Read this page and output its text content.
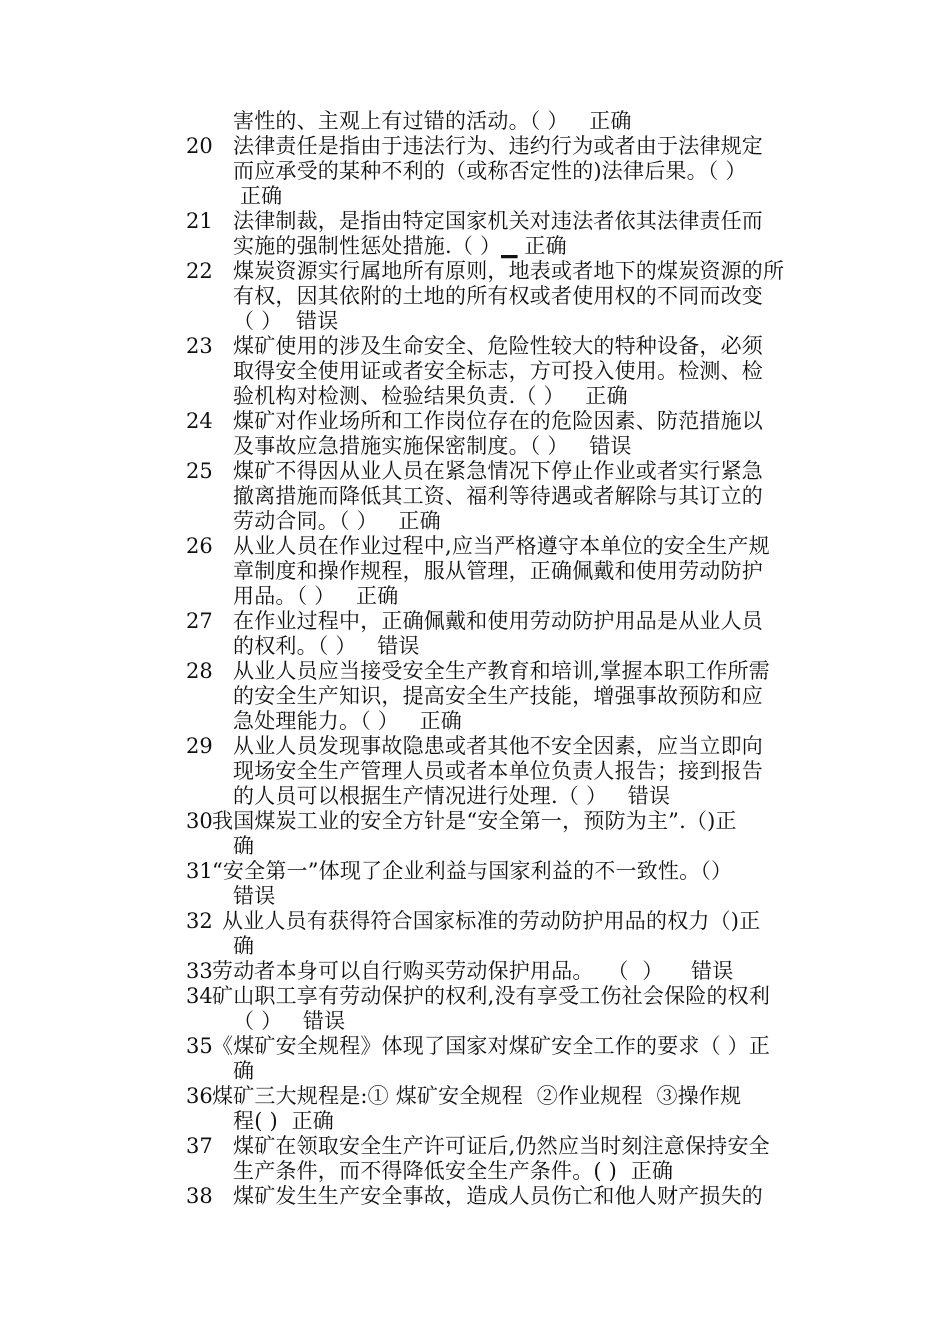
害性的、主观上有过错的活动。（ ）   正确
20 法律责任是指由于违法行为、违约行为或者由于法律规定
而应承受的某种不利的（或称否定性的)法律后果。（ ）
正确
21 法律制裁，是指由特定国家机关对违法者依其法律责任而
实施的强制性惩处措施.（ ）▁ 正确
22 煤炭资源实行属地所有原则，地表或者地下的煤炭资源的所
有权，因其依附的土地的所有权或者使用权的不同而改变
（ ）  错误
23 煤矿使用的涉及生命安全、危险性较大的特种设备，必须
取得安全使用证或者安全标志，方可投入使用。检测、检
验机构对检测、检验结果负责.（ ）   正确
24 煤矿对作业场所和工作岗位存在的危险因素、防范措施以
及事故应急措施实施保密制度。（ ）   错误
25 煤矿不得因从业人员在紧急情况下停止作业或者实行紧急
撤离措施而降低其工资、福利等待遇或者解除与其订立的
劳动合同。（ ）   正确
26 从业人员在作业过程中,应当严格遵守本单位的安全生产规
章制度和操作规程，服从管理，正确佩戴和使用劳动防护
用品。（ ）   正确
27 在作业过程中，正确佩戴和使用劳动防护用品是从业人员
的权利。（ ）   错误
28 从业人员应当接受安全生产教育和培训,掌握本职工作所需
的安全生产知识，提高安全生产技能，增强事故预防和应
急处理能力。（ ）   正确
29 从业人员发现事故隐患或者其他不安全因素，应当立即向
现场安全生产管理人员或者本单位负责人报告；接到报告
的人员可以根据生产情况进行处理.（ ）   错误
30 我国煤炭工业的安全方针是“安全第一，预防为主”.（)正
确
31 “安全第一”体现了企业利益与国家利益的不一致性。（）
错误
32 从业人员有获得符合国家标准的劳动防护用品的权力（)正
确
33 劳动者本身可以自行购买劳动保护用品。  （  ）    错误
34 矿山职工享有劳动保护的权利,没有享受工伤社会保险的权利
（ ）   错误
35 《煤矿安全规程》体现了国家对煤矿安全工作的要求（ ）正
确
36 煤矿三大规程是:① 煤矿安全规程  ②作业规程  ③操作规
程( )  正确
37 煤矿在领取安全生产许可证后,仍然应当时刻注意保持安全
生产条件，而不得降低安全生产条件。( )  正确
38 煤矿发生生产安全事故，造成人员伤亡和他人财产损失的
